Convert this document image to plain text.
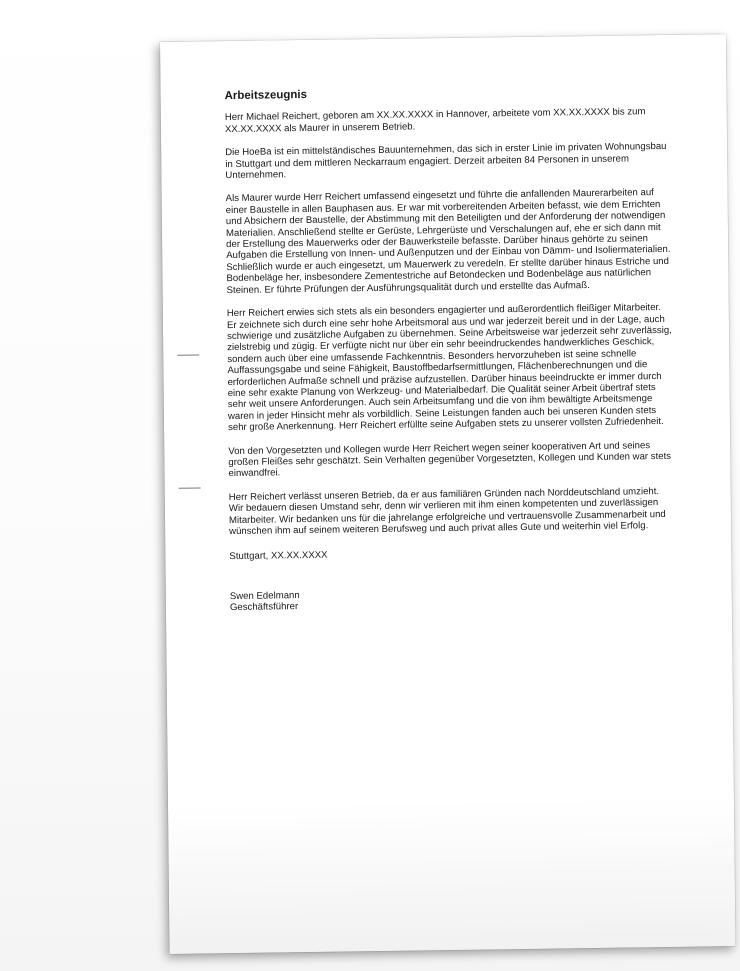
Arbeitszeugnis

Herr Michael Reichert, geboren am XX.XX.XXXX in Hannover, arbeitete vom XX.XX.XXXX bis zum XX.XX.XXXX als Maurer in unserem Betrieb.

Die HoeBa ist ein mittelständisches Bauunternehmen, das sich in erster Linie im privaten Wohnungsbau in Stuttgart und dem mittleren Neckarraum engagiert. Derzeit arbeiten 84 Personen in unserem Unternehmen.

Als Maurer wurde Herr Reichert umfassend eingesetzt und führte die anfallenden Maurerarbeiten auf einer Baustelle in allen Bauphasen aus. Er war mit vorbereitenden Arbeiten befasst, wie dem Errichten und Absichern der Baustelle, der Abstimmung mit den Beteiligten und der Anforderung der notwendigen Materialien. Anschließend stellte er Gerüste, Lehrgerüste und Verschalungen auf, ehe er sich dann mit der Erstellung des Mauerwerks oder der Bauwerksteile befasste. Darüber hinaus gehörte zu seinen Aufgaben die Erstellung von Innen- und Außenputzen und der Einbau von Dämm- und Isoliermaterialien. Schließlich wurde er auch eingesetzt, um Mauerwerk zu veredeln. Er stellte darüber hinaus Estriche und Bodenbeläge her, insbesondere Zementestriche auf Betondecken und Bodenbeläge aus natürlichen Steinen. Er führte Prüfungen der Ausführungsqualität durch und erstellte das Aufmaß.

Herr Reichert erwies sich stets als ein besonders engagierter und außerordentlich fleißiger Mitarbeiter. Er zeichnete sich durch eine sehr hohe Arbeitsmoral aus und war jederzeit bereit und in der Lage, auch schwierige und zusätzliche Aufgaben zu übernehmen. Seine Arbeitsweise war jederzeit sehr zuverlässig, zielstrebig und zügig. Er verfügte nicht nur über ein sehr beeindruckendes handwerkliches Geschick, sondern auch über eine umfassende Fachkenntnis. Besonders hervorzuheben ist seine schnelle Auffassungsgabe und seine Fähigkeit, Baustoffbedarfsermittlungen, Flächenberechnungen und die erforderlichen Aufmaße schnell und präzise aufzustellen. Darüber hinaus beeindruckte er immer durch eine sehr exakte Planung von Werkzeug- und Materialbedarf. Die Qualität seiner Arbeit übertraf stets sehr weit unsere Anforderungen. Auch sein Arbeitsumfang und die von ihm bewältigte Arbeitsmenge waren in jeder Hinsicht mehr als vorbildlich. Seine Leistungen fanden auch bei unseren Kunden stets sehr große Anerkennung. Herr Reichert erfüllte seine Aufgaben stets zu unserer vollsten Zufriedenheit.

Von den Vorgesetzten und Kollegen wurde Herr Reichert wegen seiner kooperativen Art und seines großen Fleißes sehr geschätzt. Sein Verhalten gegenüber Vorgesetzten, Kollegen und Kunden war stets einwandfrei.

Herr Reichert verlässt unseren Betrieb, da er aus familiären Gründen nach Norddeutschland umzieht. Wir bedauern diesen Umstand sehr, denn wir verlieren mit ihm einen kompetenten und zuverlässigen Mitarbeiter. Wir bedanken uns für die jahrelange erfolgreiche und vertrauensvolle Zusammenarbeit und wünschen ihm auf seinem weiteren Berufsweg und auch privat alles Gute und weiterhin viel Erfolg.

Stuttgart, XX.XX.XXXX
Swen Edelmann
Geschäftsführer
